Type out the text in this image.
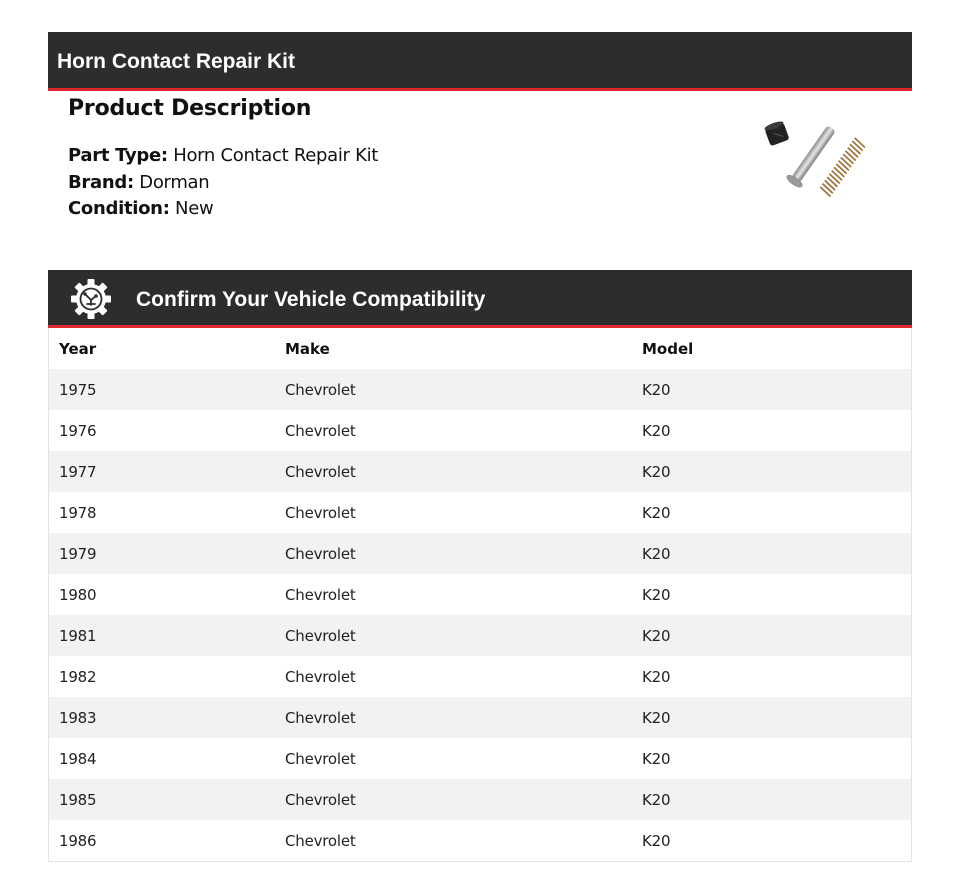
Horn Contact Repair Kit
Product Description
Part Type: Horn Contact Repair Kit
Brand: Dorman
Condition: New
Confirm Your Vehicle Compatibility
Year	Make	Model
1975	Chevrolet	K20
1976	Chevrolet	K20
1977	Chevrolet	K20
1978	Chevrolet	K20
1979	Chevrolet	K20
1980	Chevrolet	K20
1981	Chevrolet	K20
1982	Chevrolet	K20
1983	Chevrolet	K20
1984	Chevrolet	K20
1985	Chevrolet	K20
1986	Chevrolet	K20
